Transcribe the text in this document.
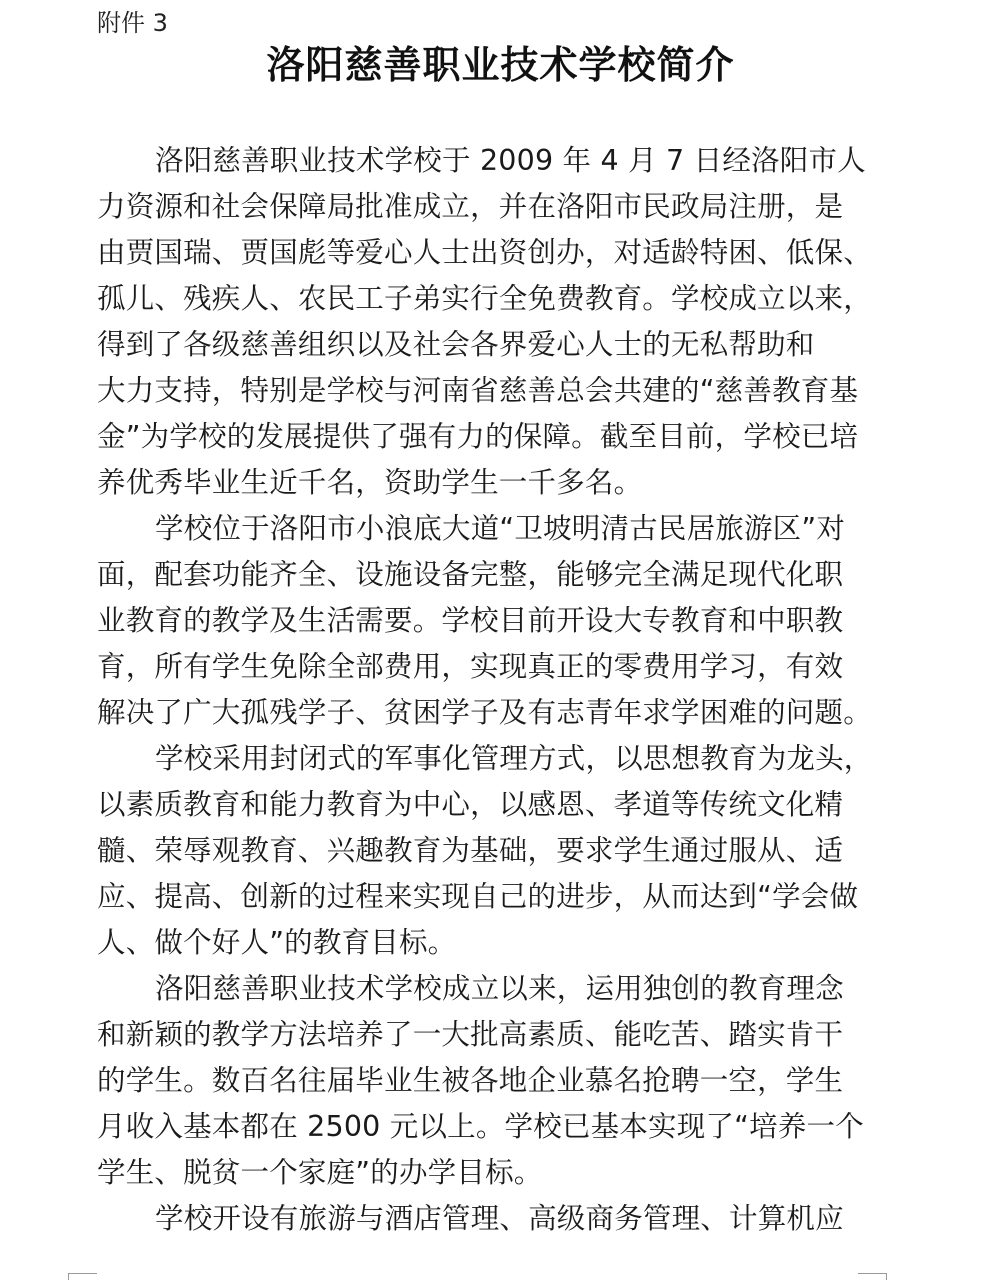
附件 3
洛阳慈善职业技术学校简介
洛阳慈善职业技术学校于 2009 年 4 月 7 日经洛阳市人
力资源和社会保障局批准成立，并在洛阳市民政局注册，是
由贾国瑞、贾国彪等爱心人士出资创办，对适龄特困、低保、
孤儿、残疾人、农民工子弟实行全免费教育。学校成立以来，
得到了各级慈善组织以及社会各界爱心人士的无私帮助和
大力支持，特别是学校与河南省慈善总会共建的“慈善教育基
金”为学校的发展提供了强有力的保障。截至目前，学校已培
养优秀毕业生近千名，资助学生一千多名。
学校位于洛阳市小浪底大道“卫坡明清古民居旅游区”对
面，配套功能齐全、设施设备完整，能够完全满足现代化职
业教育的教学及生活需要。学校目前开设大专教育和中职教
育，所有学生免除全部费用，实现真正的零费用学习，有效
解决了广大孤残学子、贫困学子及有志青年求学困难的问题。
学校采用封闭式的军事化管理方式，以思想教育为龙头，
以素质教育和能力教育为中心，以感恩、孝道等传统文化精
髓、荣辱观教育、兴趣教育为基础，要求学生通过服从、适
应、提高、创新的过程来实现自己的进步，从而达到“学会做
人、做个好人”的教育目标。
洛阳慈善职业技术学校成立以来，运用独创的教育理念
和新颖的教学方法培养了一大批高素质、能吃苦、踏实肯干
的学生。数百名往届毕业生被各地企业慕名抢聘一空，学生
月收入基本都在 2500 元以上。学校已基本实现了“培养一个
学生、脱贫一个家庭”的办学目标。
学校开设有旅游与酒店管理、高级商务管理、计算机应
